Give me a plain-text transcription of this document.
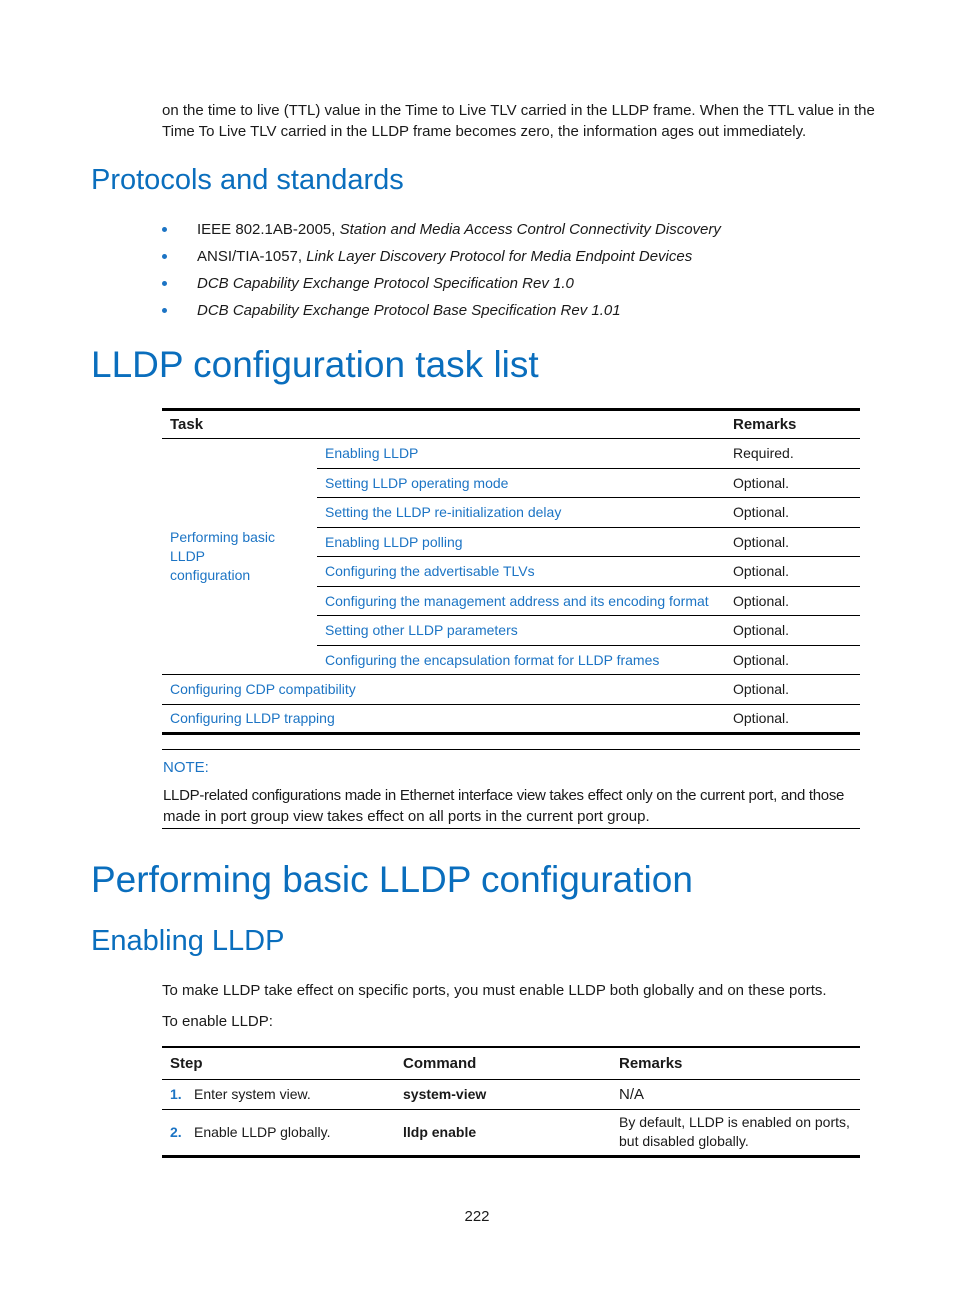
on the time to live (TTL) value in the Time to Live TLV carried in the LLDP frame. When the TTL value in the
Time To Live TLV carried in the LLDP frame becomes zero, the information ages out immediately.
Protocols and standards
IEEE 802.1AB-2005, Station and Media Access Control Connectivity Discovery
ANSI/TIA-1057, Link Layer Discovery Protocol for Media Endpoint Devices
DCB Capability Exchange Protocol Specification Rev 1.0
DCB Capability Exchange Protocol Base Specification Rev 1.01
LLDP configuration task list
Task		Remarks

Performing basic LLDP
configuration	Enabling LLDP	Required.
	Setting LLDP operating mode	Optional.
	Setting the LLDP re-initialization delay	Optional.
	Enabling LLDP polling	Optional.
	Configuring the advertisable TLVs	Optional.
	Configuring the management address and its encoding format	Optional.
	Setting other LLDP parameters	Optional.
	Configuring the encapsulation format for LLDP frames	Optional.
Configuring CDP compatibility		Optional.
Configuring LLDP trapping		Optional.
NOTE:
LLDP-related configurations made in Ethernet interface view takes effect only on the current port, and those
made in port group view takes effect on all ports in the current port group.
Performing basic LLDP configuration
Enabling LLDP
To make LLDP take effect on specific ports, you must enable LLDP both globally and on these ports.
To enable LLDP:
Step	Command	Remarks
1. Enter system view.	system-view	N/A

2. Enable LLDP globally.	lldp enable	By default, LLDP is enabled on ports,
but disabled globally.
222
